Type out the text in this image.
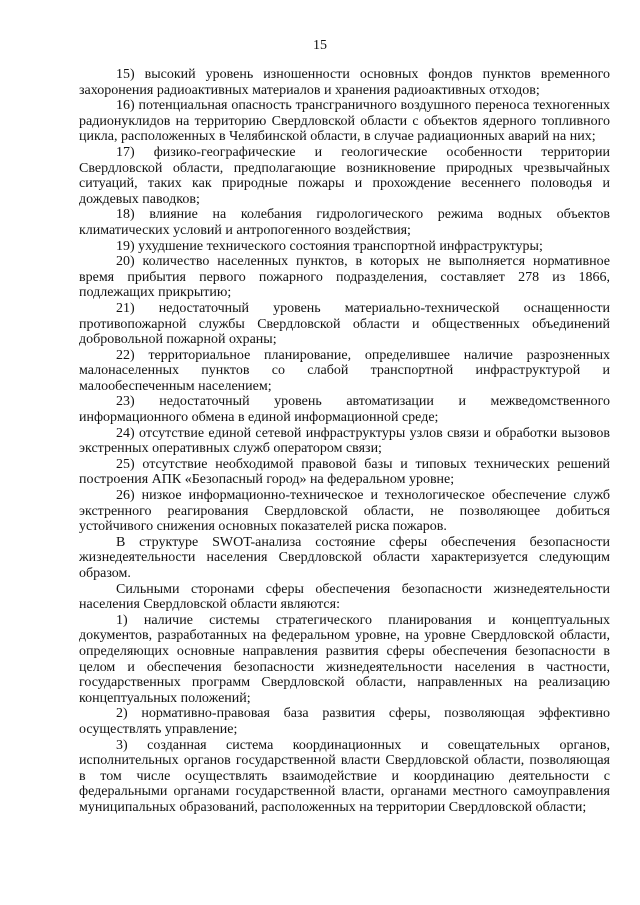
15

15) высокий уровень изношенности основных фондов пунктов временного захоронения радиоактивных материалов и хранения радиоактивных отходов;

16) потенциальная опасность трансграничного воздушного переноса техногенных радионуклидов на территорию Свердловской области с объектов ядерного топливного цикла, расположенных в Челябинской области, в случае радиационных аварий на них;

17) физико-географические и геологические особенности территории Свердловской области, предполагающие возникновение природных чрезвычайных ситуаций, таких как природные пожары и прохождение весеннего половодья и дождевых паводков;

18) влияние на колебания гидрологического режима водных объектов климатических условий и антропогенного воздействия;

19) ухудшение технического состояния транспортной инфраструктуры;

20) количество населенных пунктов, в которых не выполняется нормативное время прибытия первого пожарного подразделения, составляет 278 из 1866, подлежащих прикрытию;

21) недостаточный уровень материально-технической оснащенности противопожарной службы Свердловской области и общественных объединений добровольной пожарной охраны;

22) территориальное планирование, определившее наличие разрозненных малонаселенных пунктов со слабой транспортной инфраструктурой и малообеспеченным населением;

23) недостаточный уровень автоматизации и межведомственного информационного обмена в единой информационной среде;

24) отсутствие единой сетевой инфраструктуры узлов связи и обработки вызовов экстренных оперативных служб оператором связи;

25) отсутствие необходимой правовой базы и типовых технических решений построения АПК «Безопасный город» на федеральном уровне;

26) низкое информационно-техническое и технологическое обеспечение служб экстренного реагирования Свердловской области, не позволяющее добиться устойчивого снижения основных показателей риска пожаров.

В структуре SWOT-анализа состояние сферы обеспечения безопасности жизнедеятельности населения Свердловской области характеризуется следующим образом.

Сильными сторонами сферы обеспечения безопасности жизнедеятельности населения Свердловской области являются:

1) наличие системы стратегического планирования и концептуальных документов, разработанных на федеральном уровне, на уровне Свердловской области, определяющих основные направления развития сферы обеспечения безопасности в целом и обеспечения безопасности жизнедеятельности населения в частности, государственных программ Свердловской области, направленных на реализацию концептуальных положений;

2) нормативно-правовая база развития сферы, позволяющая эффективно осуществлять управление;

3) созданная система координационных и совещательных органов, исполнительных органов государственной власти Свердловской области, позволяющая в том числе осуществлять взаимодействие и координацию деятельности с федеральными органами государственной власти, органами местного самоуправления муниципальных образований, расположенных на территории Свердловской области;
